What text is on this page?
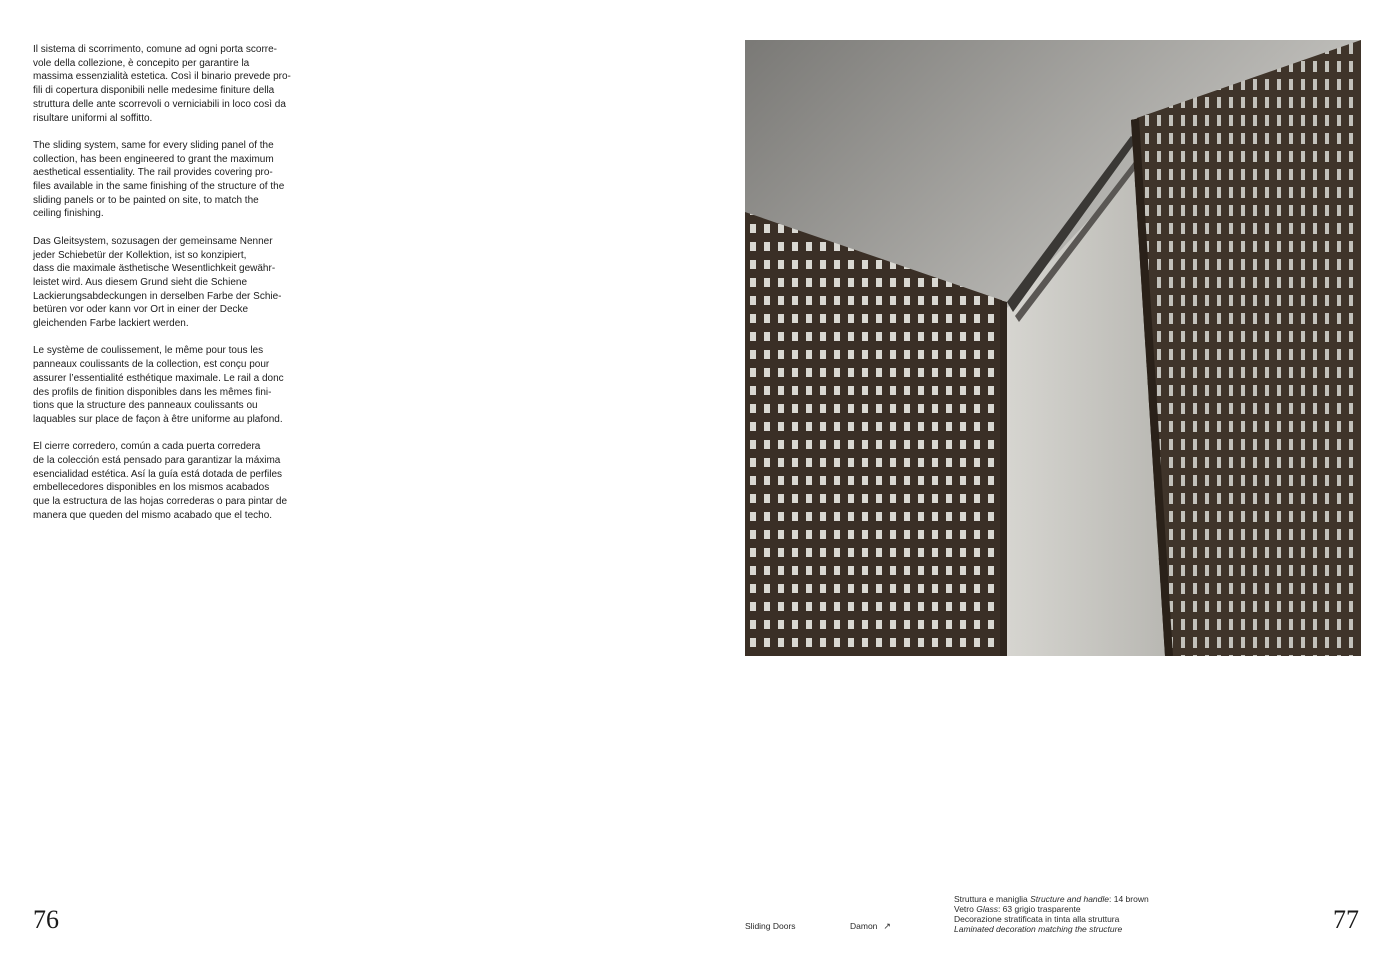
Il sistema di scorrimento, comune ad ogni porta scorre-
vole della collezione, è concepito per garantire la
massima essenzialità estetica. Così il binario prevede pro-
fili di copertura disponibili nelle medesime finiture della
struttura delle ante scorrevoli o verniciabili in loco così da
risultare uniformi al soffitto.

The sliding system, same for every sliding panel of the
collection, has been engineered to grant the maximum
aesthetical essentiality. The rail provides covering pro-
files available in the same finishing of the structure of the
sliding panels or to be painted on site, to match the
ceiling finishing.

Das Gleitsystem, sozusagen der gemeinsame Nenner
jeder Schiebetür der Kollektion, ist so konzipiert,
dass die maximale ästhetische Wesentlichkeit gewähr-
leistet wird. Aus diesem Grund sieht die Schiene
Lackierungsabdeckungen in derselben Farbe der Schie-
betüren vor oder kann vor Ort in einer der Decke
gleichenden Farbe lackiert werden.

Le système de coulissement, le même pour tous les
panneaux coulissants de la collection, est conçu pour
assurer l’essentialité esthétique maximale. Le rail a donc
des profils de finition disponibles dans les mêmes fini-
tions que la structure des panneaux coulissants ou
laquables sur place de façon à être uniforme au plafond.

El cierre corredero, común a cada puerta corredera
de la colección está pensado para garantizar la máxima
esencialidad estética. Así la guía está dotada de perfiles
embellecedores disponibles en los mismos acabados
que la estructura de las hojas correderas o para pintar de
manera que queden del mismo acabado que el techo.

76	77
Sliding Doors	Damon ↗
Struttura e maniglia Structure and handle: 14 brown
Vetro Glass: 63 grigio trasparente
Decorazione stratificata in tinta alla struttura
Laminated decoration matching the structure
